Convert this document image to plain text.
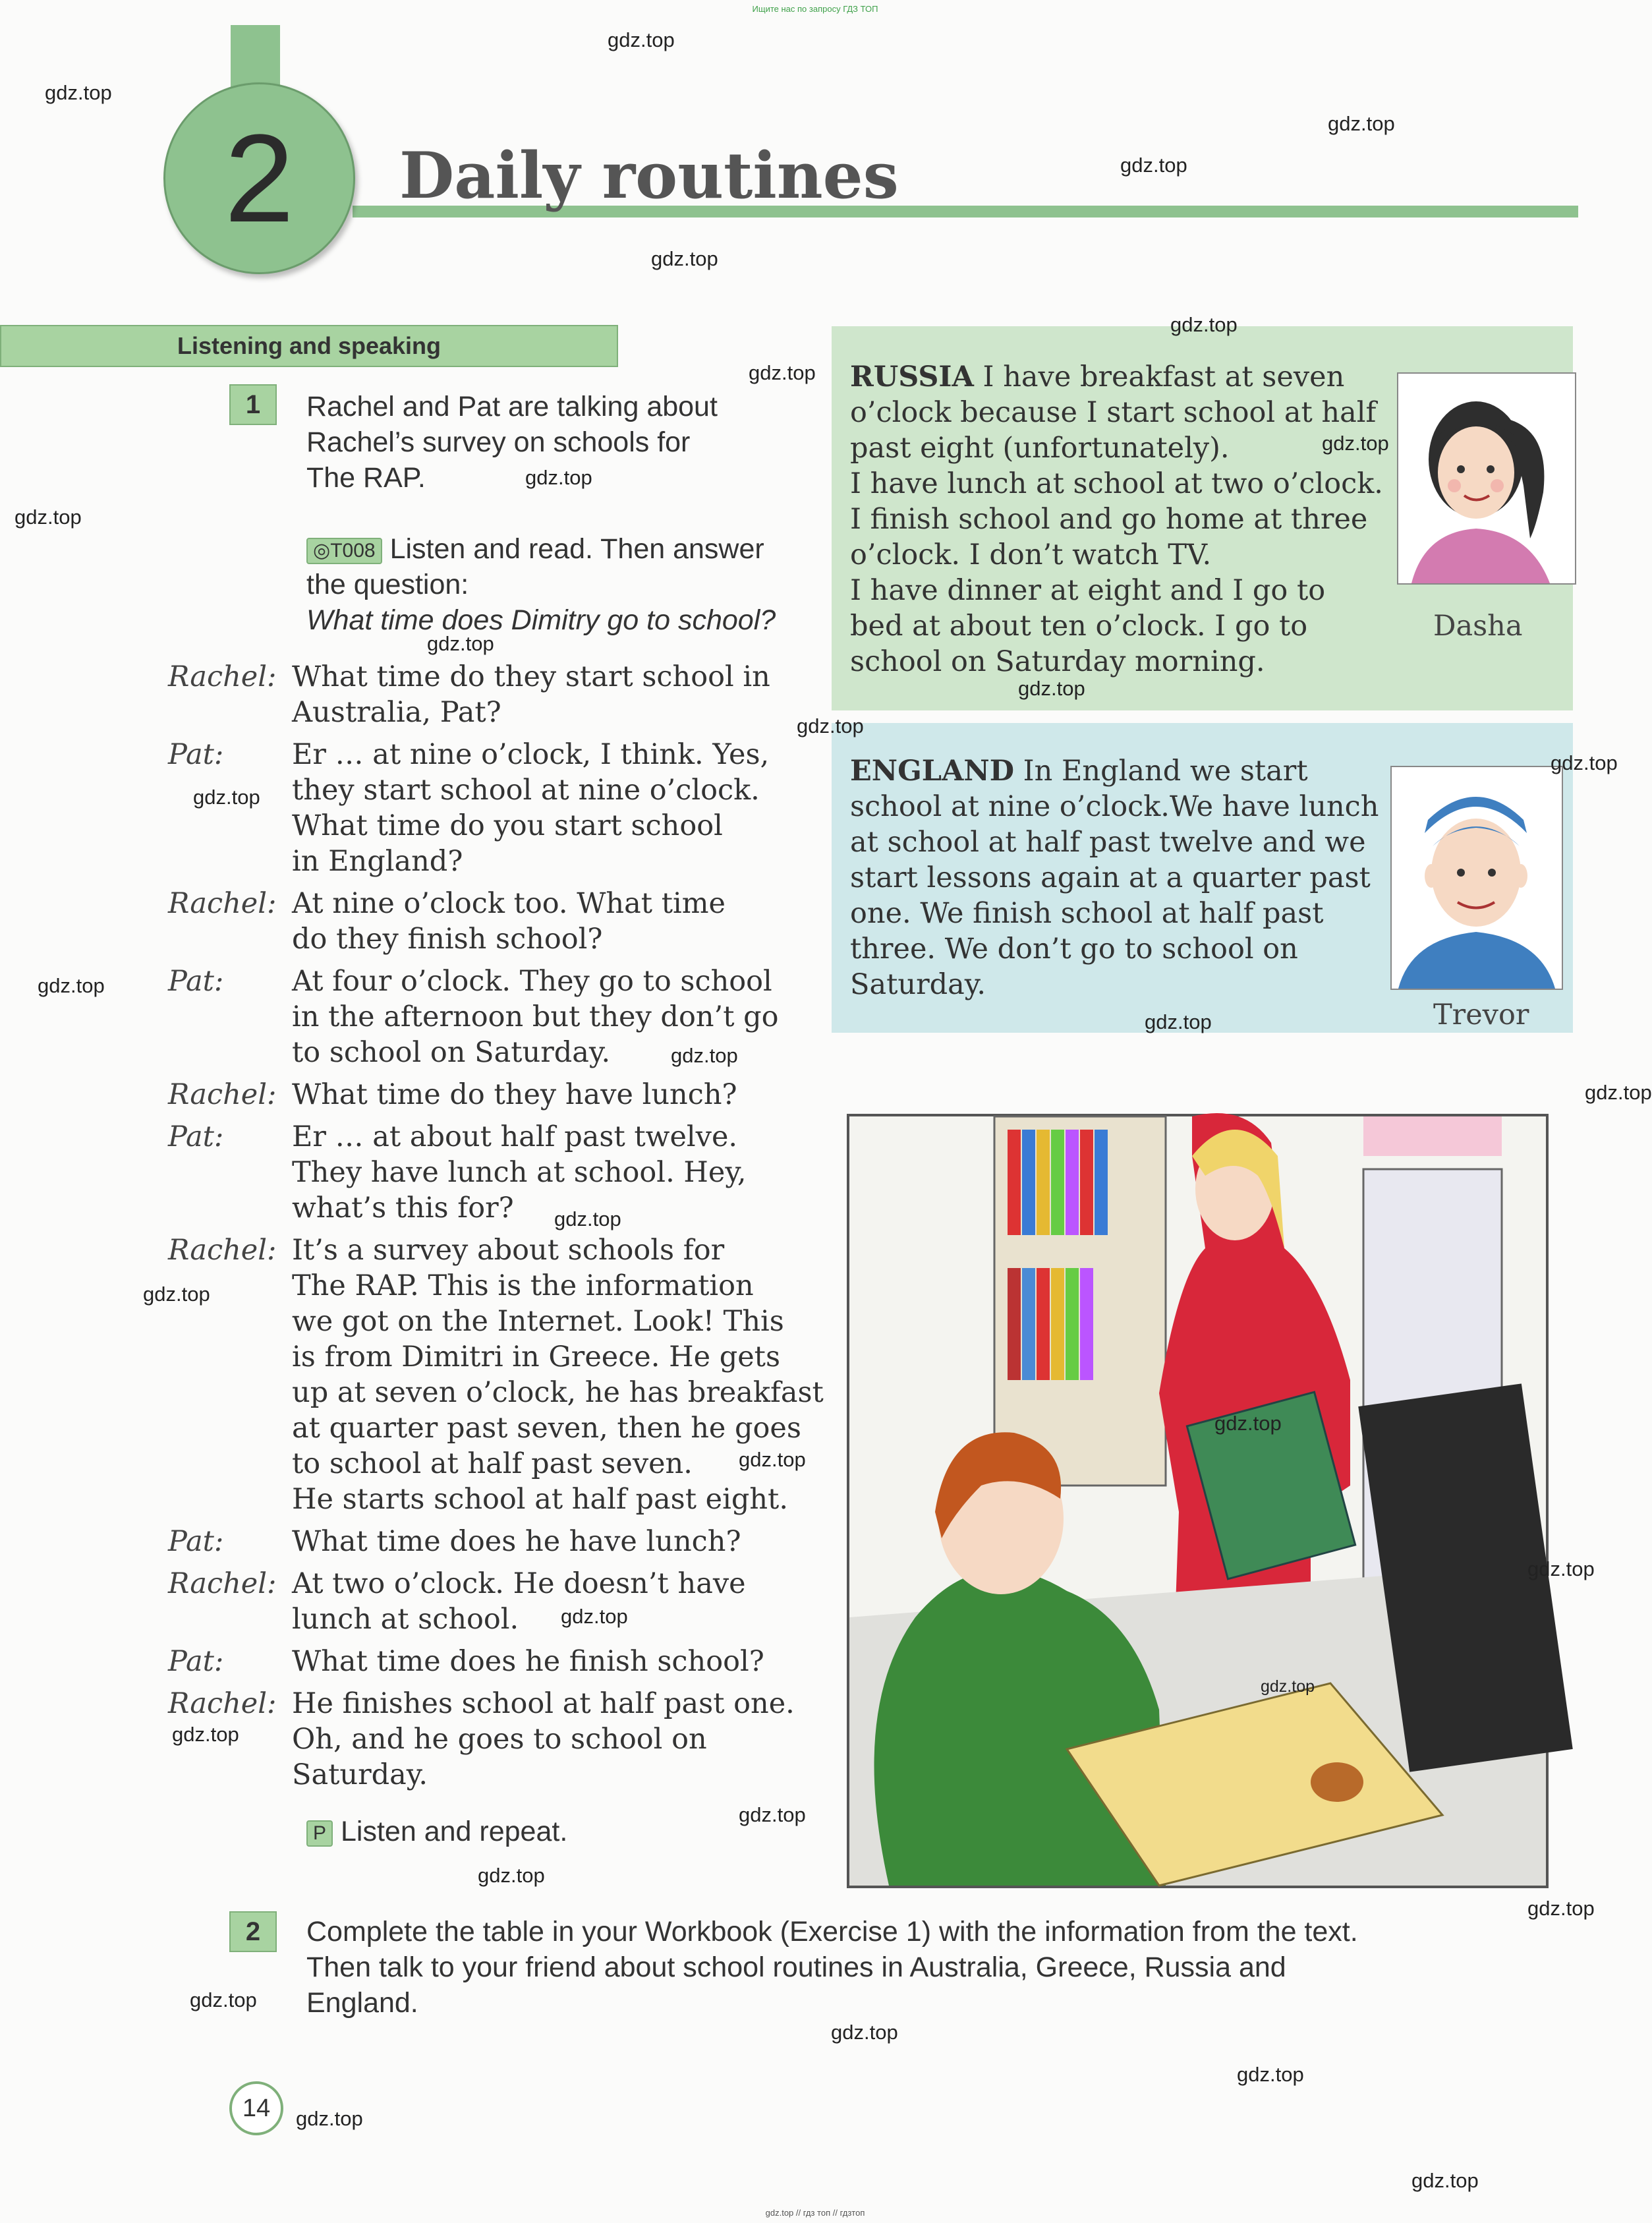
Ищите нас по запросу ГДЗ ТОП
2 Daily routines
Listening and speaking
1	Rachel and Pat are talking about
Rachel’s survey on schools for
The RAP.
◎T008 Listen and read. Then answer
the question:
What time does Dimitry go to school?
Rachel: What time do they start school in
Australia, Pat?
Pat:	Er … at nine o’clock, I think. Yes,
they start school at nine o’clock.
What time do you start school
in England?
Rachel: At nine o’clock too. What time
do they finish school?
Pat:	At four o’clock. They go to school
in the afternoon but they don’t go
to school on Saturday.
Rachel: What time do they have lunch?
Pat:	Er … at about half past twelve.
They have lunch at school. Hey,
what’s this for?
Rachel: It’s a survey about schools for
The RAP. This is the information
we got on the Internet. Look! This
is from Dimitri in Greece. He gets
up at seven o’clock, he has breakfast
at quarter past seven, then he goes
to school at half past seven.
He starts school at half past eight.
Pat:	What time does he have lunch?
Rachel: At two o’clock. He doesn’t have
lunch at school.
Pat:	What time does he finish school?
Rachel: He finishes school at half past one.
Oh, and he goes to school on
Saturday.
P Listen and repeat.
RUSSIA I have breakfast at seven
o’clock because I start school at half
past eight (unfortunately).
I have lunch at school at two o’clock.
I finish school and go home at three
o’clock. I don’t watch TV.
I have dinner at eight and I go to
bed at about ten o’clock. I go to
school on Saturday morning.
Dasha
ENGLAND In England we start
school at nine o’clock.We have lunch
at school at half past twelve and we
start lessons again at a quarter past
one. We finish school at half past
three. We don’t go to school on
Saturday.
Trevor
2	Complete the table in your Workbook (Exercise 1) with the information from the text.
Then talk to your friend about school routines in Australia, Greece, Russia and
England.
14
gdz.top
gdz.top
gdz.top
gdz.top
gdz.top
gdz.top
gdz.top
gdz.top
gdz.top
gdz.top
gdz.top
gdz.top
gdz.top
gdz.top
gdz.top
gdz.top
gdz.top
gdz.top
gdz.top
gdz.top
gdz.top
gdz.top
gdz.top
gdz.top
gdz.top
gdz.top
gdz.top
gdz.top
gdz.top
gdz.top
gdz.top
gdz.top
gdz.top
gdz.top
gdz.top
gdz.top // гдз топ // гдзтоп
